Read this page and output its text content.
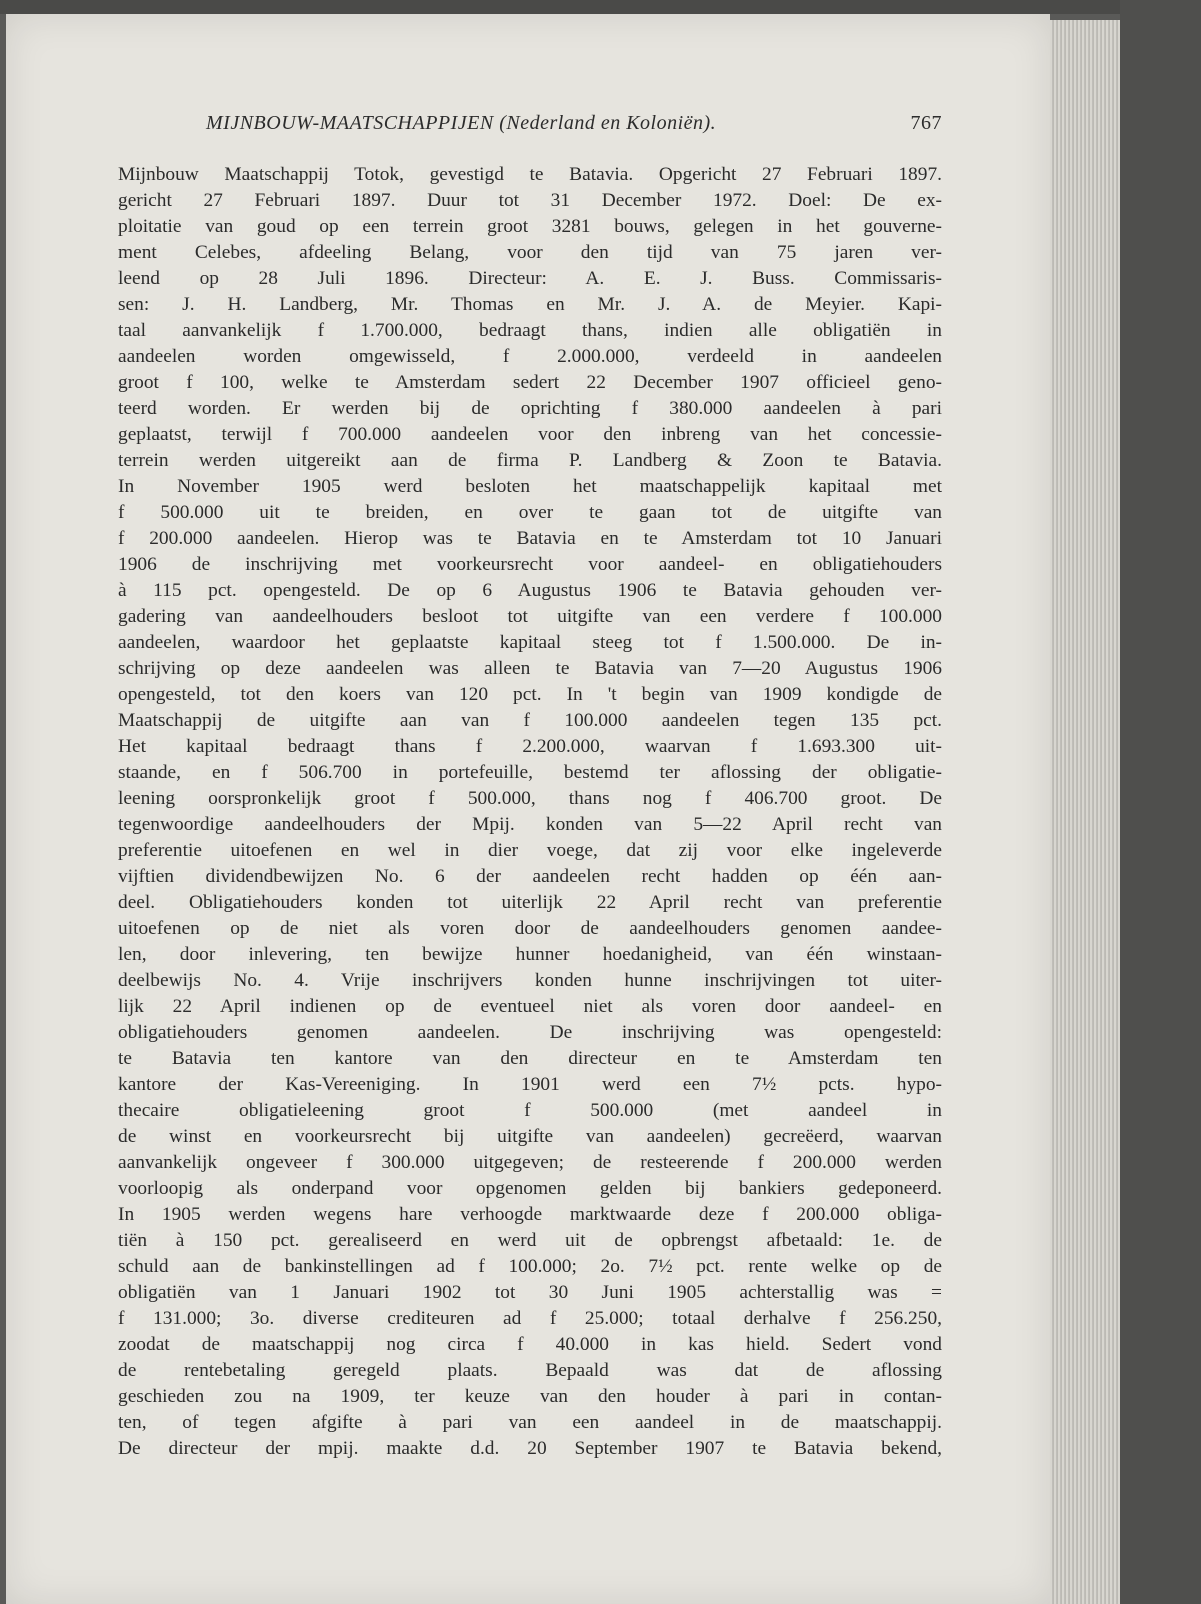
MIJNBOUW-MAATSCHAPPIJEN (Nederland en Koloniën).	767
Mijnbouw Maatschappij Totok, gevestigd te Batavia. Opgericht 27 Februari 1897.
gericht 27 Februari 1897. Duur tot 31 December 1972. Doel: De ex-
ploitatie van goud op een terrein groot 3281 bouws, gelegen in het gouverne-
ment Celebes, afdeeling Belang, voor den tijd van 75 jaren ver-
leend op 28 Juli 1896. Directeur: A. E. J. Buss. Commissaris-
sen: J. H. Landberg, Mr. Thomas en Mr. J. A. de Meyier. Kapi-
taal aanvankelijk f 1.700.000, bedraagt thans, indien alle obligatiën in
aandeelen worden omgewisseld, f 2.000.000, verdeeld in aandeelen
groot f 100, welke te Amsterdam sedert 22 December 1907 officieel geno-
teerd worden. Er werden bij de oprichting f 380.000 aandeelen à pari
geplaatst, terwijl f 700.000 aandeelen voor den inbreng van het concessie-
terrein werden uitgereikt aan de firma P. Landberg & Zoon te Batavia.
In November 1905 werd besloten het maatschappelijk kapitaal met
f 500.000 uit te breiden, en over te gaan tot de uitgifte van
f 200.000 aandeelen. Hierop was te Batavia en te Amsterdam tot 10 Januari
1906 de inschrijving met voorkeursrecht voor aandeel- en obligatiehouders
à 115 pct. opengesteld. De op 6 Augustus 1906 te Batavia gehouden ver-
gadering van aandeelhouders besloot tot uitgifte van een verdere f 100.000
aandeelen, waardoor het geplaatste kapitaal steeg tot f 1.500.000. De in-
schrijving op deze aandeelen was alleen te Batavia van 7—20 Augustus 1906
opengesteld, tot den koers van 120 pct. In 't begin van 1909 kondigde de
Maatschappij de uitgifte aan van f 100.000 aandeelen tegen 135 pct.
Het kapitaal bedraagt thans f 2.200.000, waarvan f 1.693.300 uit-
staande, en f 506.700 in portefeuille, bestemd ter aflossing der obligatie-
leening oorspronkelijk groot f 500.000, thans nog f 406.700 groot. De
tegenwoordige aandeelhouders der Mpij. konden van 5—22 April recht van
preferentie uitoefenen en wel in dier voege, dat zij voor elke ingeleverde
vijftien dividendbewijzen No. 6 der aandeelen recht hadden op één aan-
deel. Obligatiehouders konden tot uiterlijk 22 April recht van preferentie
uitoefenen op de niet als voren door de aandeelhouders genomen aandee-
len, door inlevering, ten bewijze hunner hoedanigheid, van één winstaan-
deelbewijs No. 4. Vrije inschrijvers konden hunne inschrijvingen tot uiter-
lijk 22 April indienen op de eventueel niet als voren door aandeel- en
obligatiehouders genomen aandeelen. De inschrijving was opengesteld:
te Batavia ten kantore van den directeur en te Amsterdam ten
kantore der Kas-Vereeniging. In 1901 werd een 7½ pcts. hypo-
thecaire obligatieleening groot f 500.000 (met aandeel in
de winst en voorkeursrecht bij uitgifte van aandeelen) gecreëerd, waarvan
aanvankelijk ongeveer f 300.000 uitgegeven; de resteerende f 200.000 werden
voorloopig als onderpand voor opgenomen gelden bij bankiers gedeponeerd.
In 1905 werden wegens hare verhoogde marktwaarde deze f 200.000 obliga-
tiën à 150 pct. gerealiseerd en werd uit de opbrengst afbetaald: 1e. de
schuld aan de bankinstellingen ad f 100.000; 2o. 7½ pct. rente welke op de
obligatiën van 1 Januari 1902 tot 30 Juni 1905 achterstallig was =
f 131.000; 3o. diverse crediteuren ad f 25.000; totaal derhalve f 256.250,
zoodat de maatschappij nog circa f 40.000 in kas hield. Sedert vond
de rentebetaling geregeld plaats. Bepaald was dat de aflossing
geschieden zou na 1909, ter keuze van den houder à pari in contan-
ten, of tegen afgifte à pari van een aandeel in de maatschappij.
De directeur der mpij. maakte d.d. 20 September 1907 te Batavia bekend,
